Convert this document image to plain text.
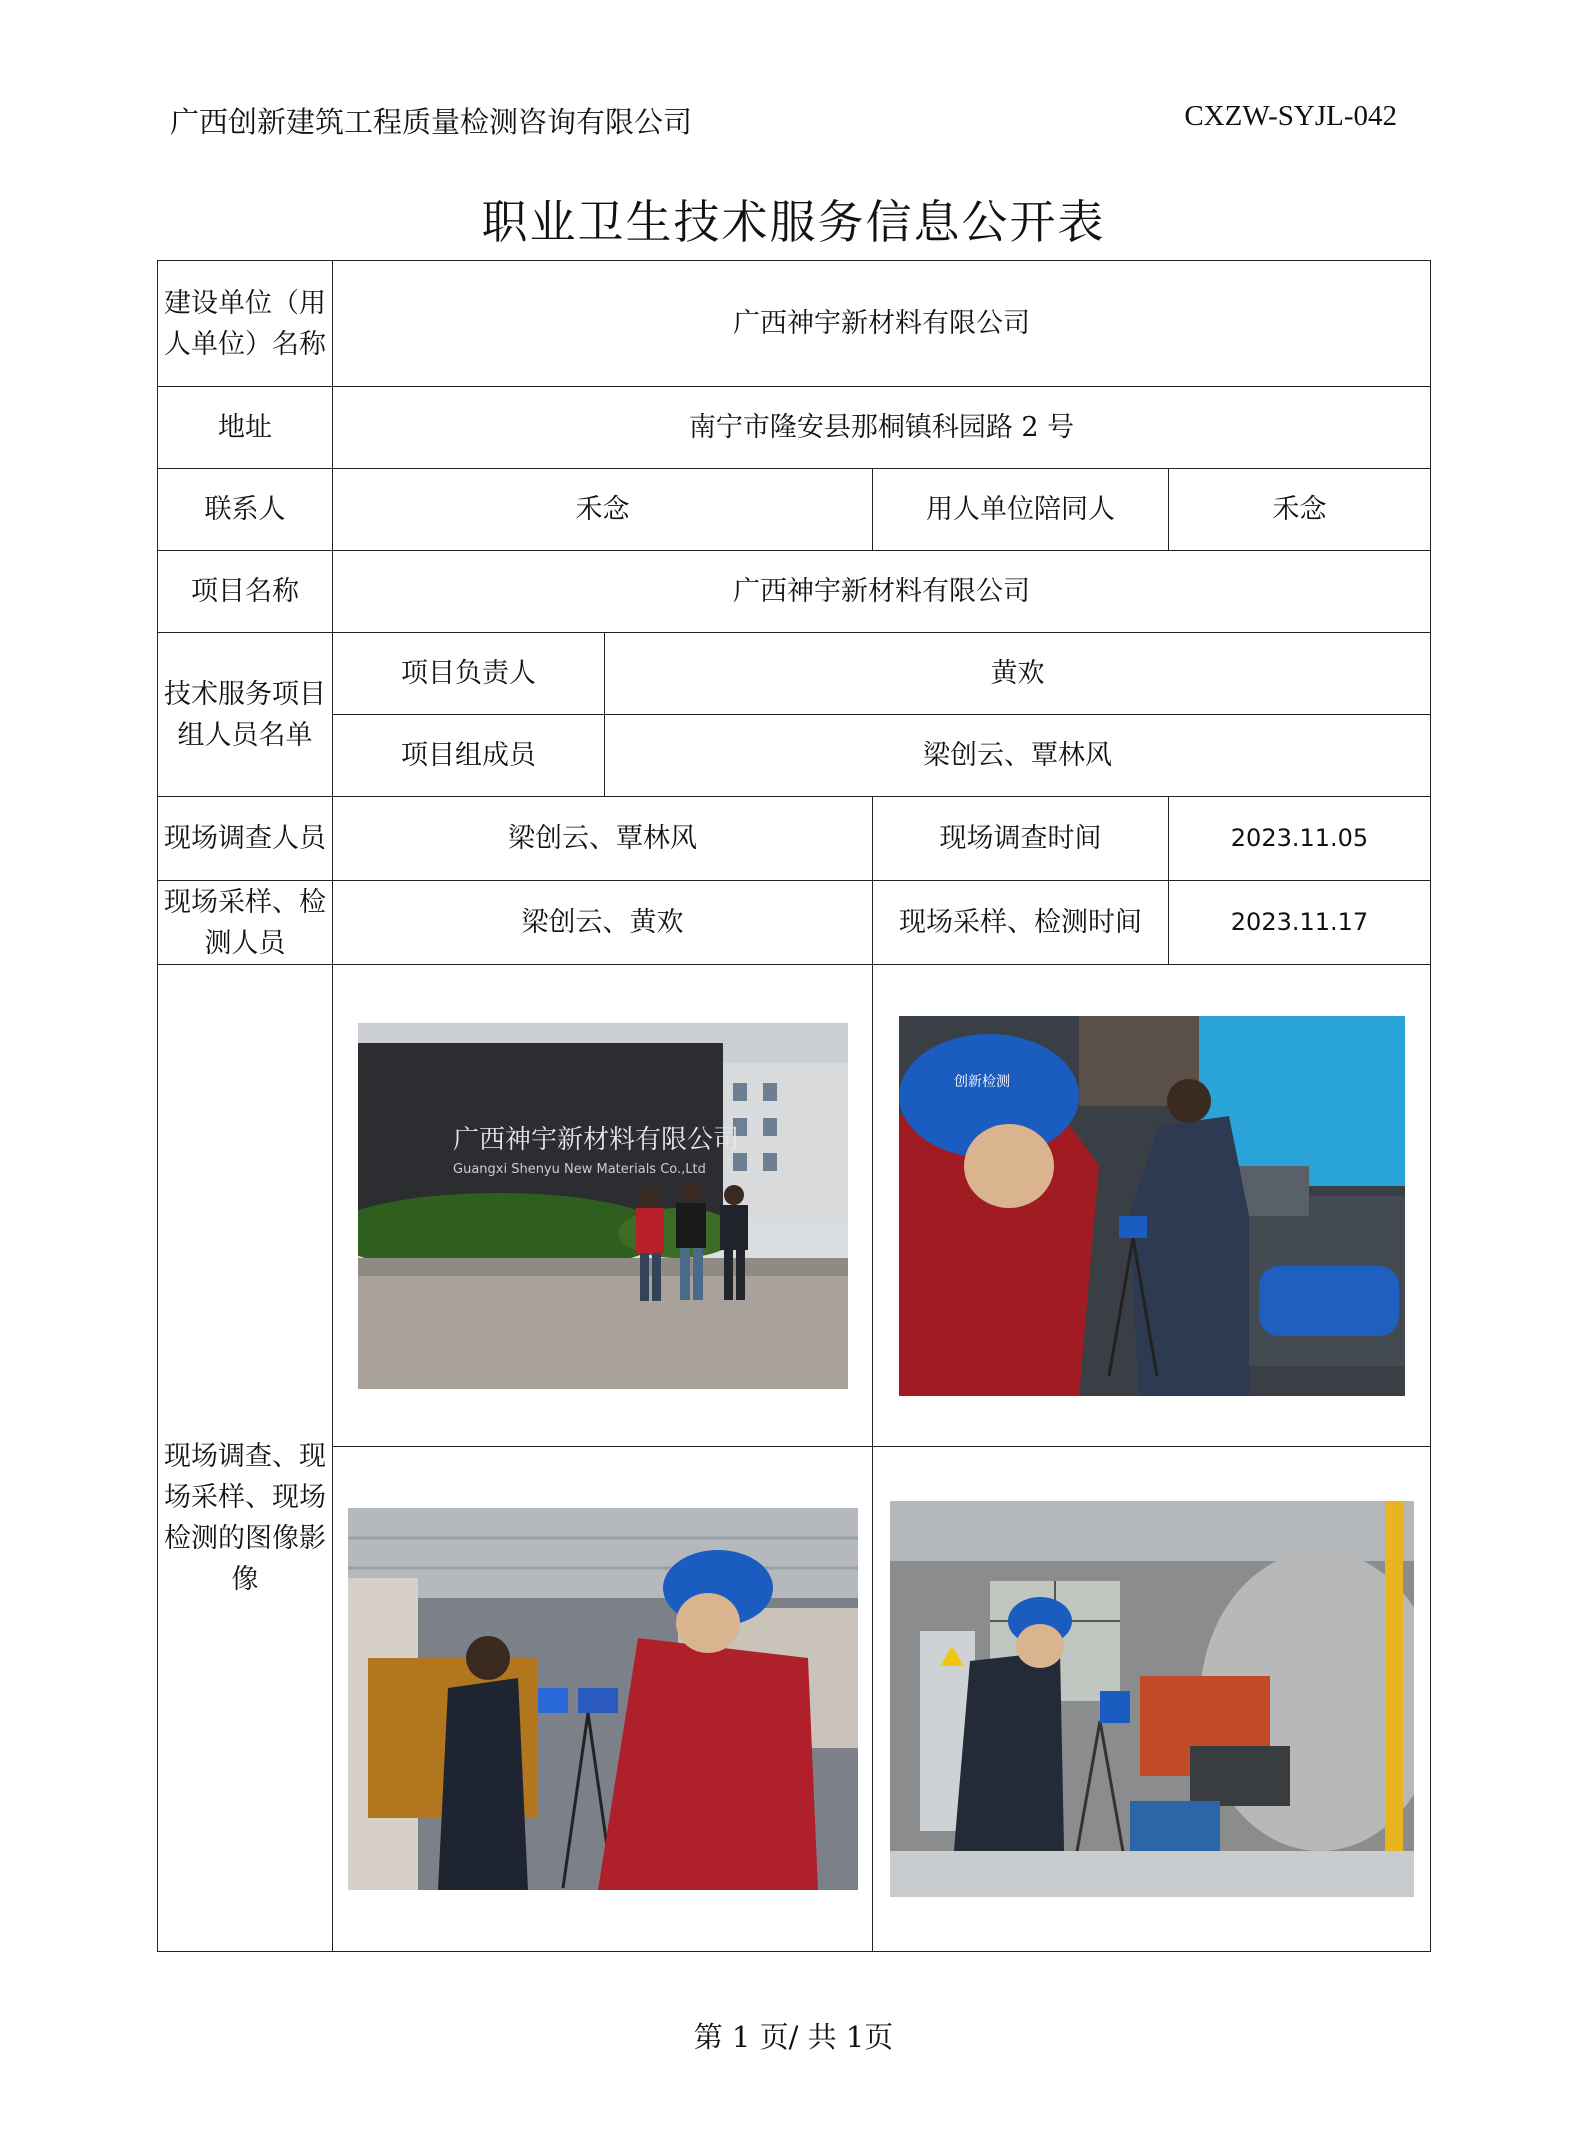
广西创新建筑工程质量检测咨询有限公司	CXZW-SYJL-042
职业卫生技术服务信息公开表
建设单位（用人单位）名称	广西神宇新材料有限公司			
地址	南宁市隆安县那桐镇科园路 2 号			
联系人	禾念		用人单位陪同人	禾念
项目名称	广西神宇新材料有限公司			
技术服务项目组人员名单	项目负责人	黄欢		
	项目组成员	梁创云、覃林风		
现场调查人员	梁创云、覃林风		现场调查时间	2023.11.05
现场采样、检测人员	梁创云、黄欢		现场采样、检测时间	2023.11.17
现场调查、现场采样、现场检测的图像影像	广西神宇新材料有限公司
Guangxi Shenyu New Materials Co.,Ltd		创新检测	

第 1 页/ 共 1页
